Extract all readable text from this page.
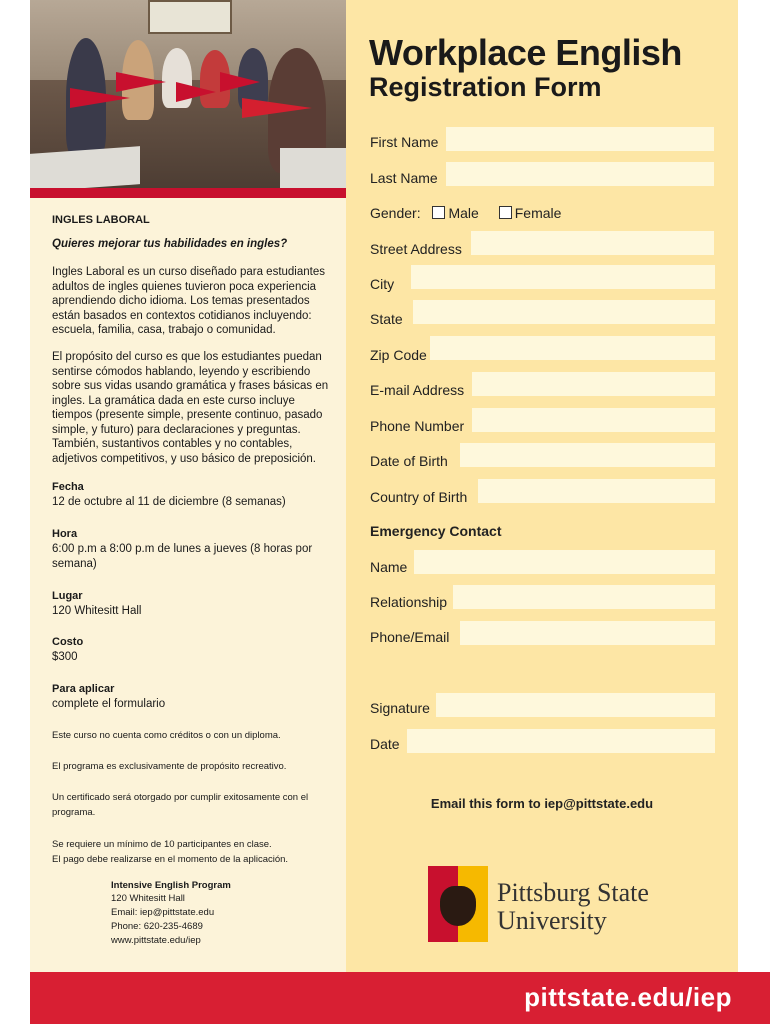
INGLES LABORAL
Quieres mejorar tus habilidades en ingles?
Ingles Laboral es un curso diseñado para estudiantes adultos de ingles quienes tuvieron poca experiencia aprendiendo dicho idioma. Los temas presentados están basados en contextos cotidianos incluyendo: escuela, familia, casa, trabajo o comunidad.
El propósito del curso es que los estudiantes puedan sentirse cómodos hablando, leyendo y escribiendo sobre sus vidas usando gramática y frases básicas en ingles. La gramática dada en este curso incluye tiempos (presente simple, presente continuo, pasado simple, y futuro) para declaraciones y preguntas. También, sustantivos contables y no contables, adjetivos competitivos, y uso básico de preposición.
Fecha
12 de octubre al 11 de diciembre (8 semanas)
Hora
6:00 p.m a 8:00 p.m de lunes a jueves (8 horas por semana)
Lugar
120 Whitesitt Hall
Costo
$300
Para aplicar
complete el formulario
Este curso no cuenta como créditos o con un diploma.
El programa es exclusivamente de propósito recreativo.
Un certificado será otorgado por cumplir exitosamente con el programa.
Se requiere un mínimo de 10 participantes en clase.
El pago debe realizarse en el momento de la aplicación.
Intensive English Program
120 Whitesitt Hall
Email: iep@pittstate.edu
Phone: 620-235-4689
www.pittstate.edu/iep
Workplace English
Registration Form
First Name
Last Name
Gender: Male	Female
Street Address
City
State
Zip Code
E-mail Address
Phone Number
Date of Birth
Country of Birth
Emergency Contact
Name
Relationship
Phone/Email
Signature
Date
Email this form to iep@pittstate.edu
Pittsburg State
University
pittstate.edu/iep
